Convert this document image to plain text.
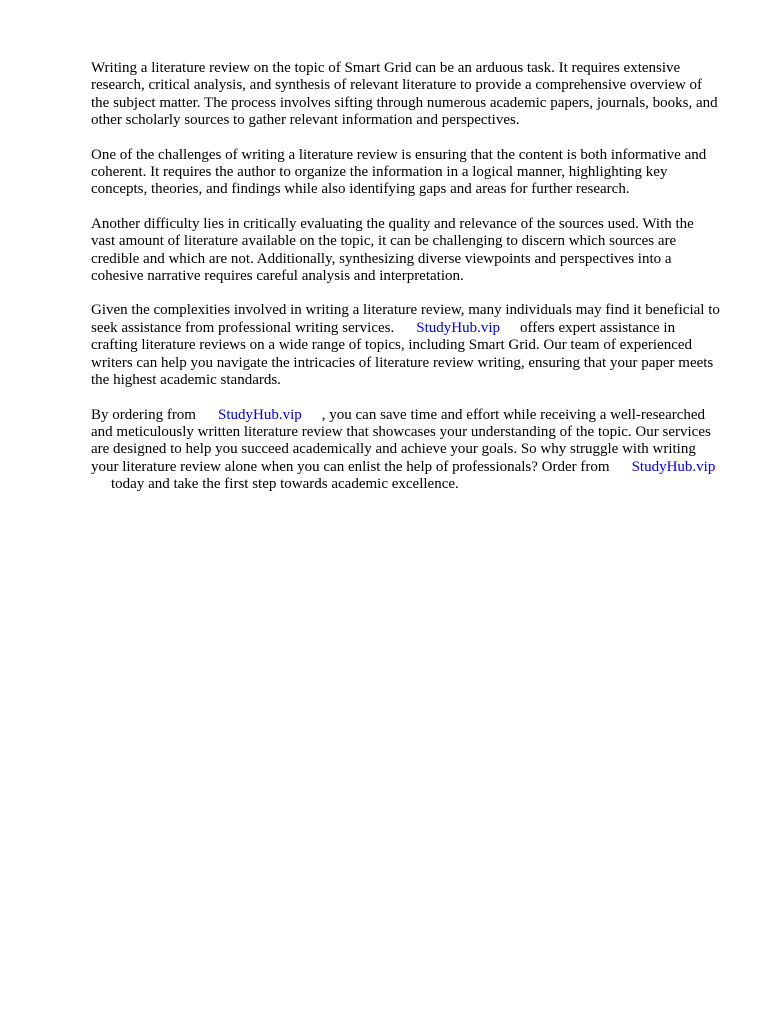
Writing a literature review on the topic of Smart Grid can be an arduous task. It requires extensive research, critical analysis, and synthesis of relevant literature to provide a comprehensive overview of the subject matter. The process involves sifting through numerous academic papers, journals, books, and other scholarly sources to gather relevant information and perspectives.

One of the challenges of writing a literature review is ensuring that the content is both informative and coherent. It requires the author to organize the information in a logical manner, highlighting key concepts, theories, and findings while also identifying gaps and areas for further research.

Another difficulty lies in critically evaluating the quality and relevance of the sources used. With the vast amount of literature available on the topic, it can be challenging to discern which sources are credible and which are not. Additionally, synthesizing diverse viewpoints and perspectives into a cohesive narrative requires careful analysis and interpretation.

Given the complexities involved in writing a literature review, many individuals may find it beneficial to seek assistance from professional writing services. StudyHub.vip offers expert assistance in crafting literature reviews on a wide range of topics, including Smart Grid. Our team of experienced writers can help you navigate the intricacies of literature review writing, ensuring that your paper meets the highest academic standards.

By ordering from StudyHub.vip , you can save time and effort while receiving a well-researched and meticulously written literature review that showcases your understanding of the topic. Our services are designed to help you succeed academically and achieve your goals. So why struggle with writing your literature review alone when you can enlist the help of professionals? Order from StudyHub.viptoday and take the first step towards academic excellence.
